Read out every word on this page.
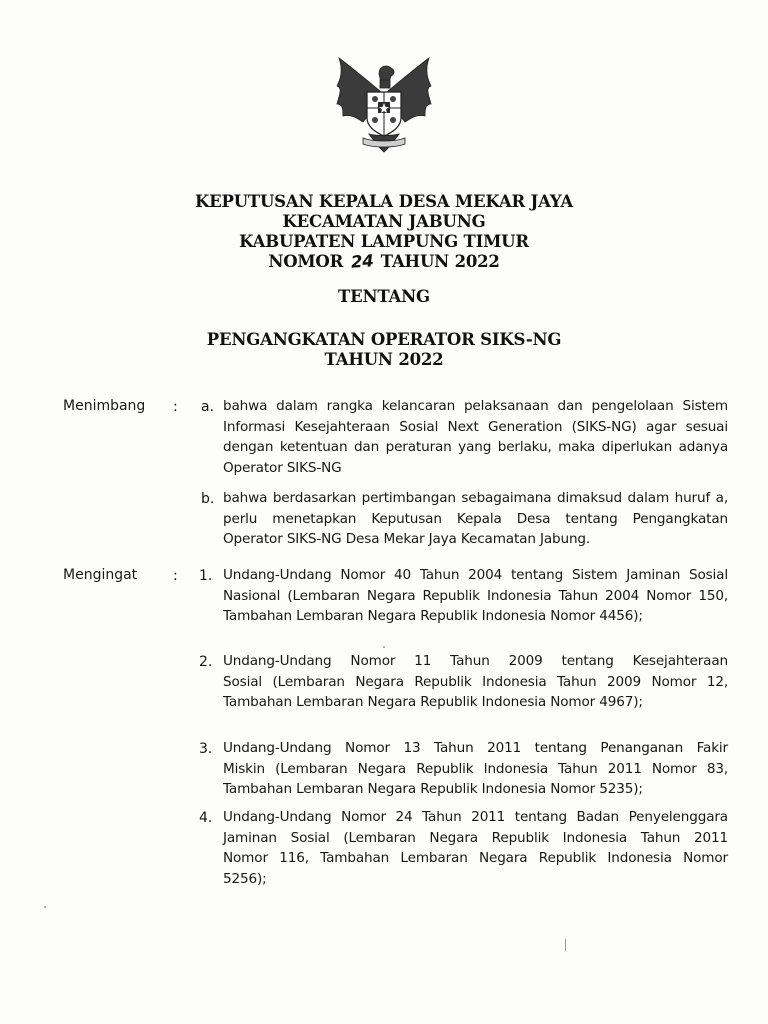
KEPUTUSAN KEPALA DESA MEKAR JAYA
KECAMATAN JABUNG
KABUPATEN LAMPUNG TIMUR
NOMOR 24 TAHUN 2022
TENTANG
PENGANGKATAN OPERATOR SIKS-NG
TAHUN 2022
Menimbang : a. bahwa dalam rangka kelancaran pelaksanaan dan pengelolaan Sistem
Informasi Kesejahteraan Sosial Next Generation (SIKS-NG) agar sesuai
dengan ketentuan dan peraturan yang berlaku, maka diperlukan adanya
Operator SIKS-NG
b. bahwa berdasarkan pertimbangan sebagaimana dimaksud dalam huruf a,
perlu menetapkan Keputusan Kepala Desa tentang Pengangkatan
Operator SIKS-NG Desa Mekar Jaya Kecamatan Jabung.
Mengingat	: 1. Undang-Undang Nomor 40 Tahun 2004 tentang Sistem Jaminan Sosial
Nasional (Lembaran Negara Republik Indonesia Tahun 2004 Nomor 150,
Tambahan Lembaran Negara Republik Indonesia Nomor 4456);
2. Undang-Undang Nomor 11 Tahun 2009 tentang Kesejahteraan
Sosial (Lembaran Negara Republik Indonesia Tahun 2009 Nomor 12,
Tambahan Lembaran Negara Republik Indonesia Nomor 4967);
3. Undang-Undang Nomor 13 Tahun 2011 tentang Penanganan Fakir
Miskin (Lembaran Negara Republik Indonesia Tahun 2011 Nomor 83,
Tambahan Lembaran Negara Republik Indonesia Nomor 5235);
4. Undang-Undang Nomor 24 Tahun 2011 tentang Badan Penyelenggara
Jaminan Sosial (Lembaran Negara Republik Indonesia Tahun 2011
Nomor 116, Tambahan Lembaran Negara Republik Indonesia Nomor
5256);
